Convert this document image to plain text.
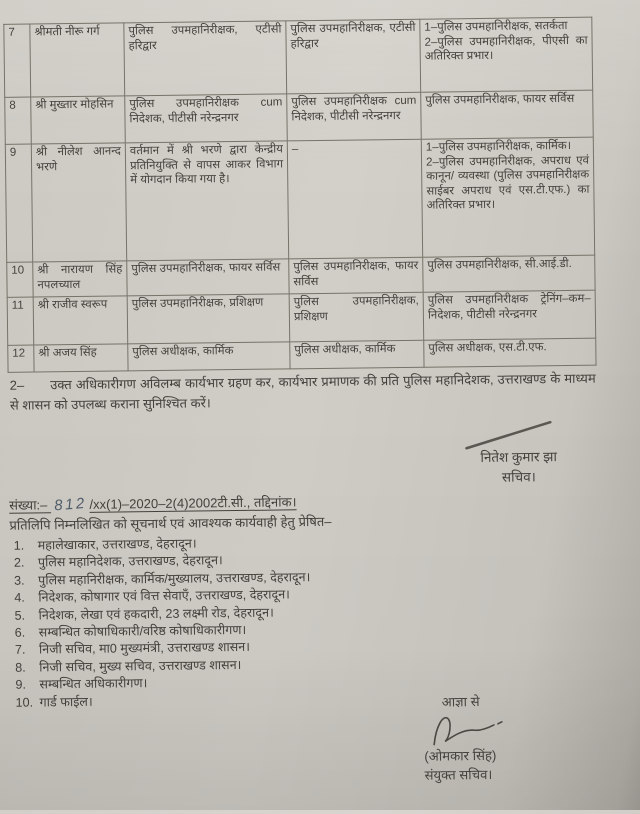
7	श्रीमती नीरू गर्ग	पुलिस उपमहानिरीक्षक, एटीसी हरिद्वार	पुलिस उपमहानिरीक्षक, एटीसी हरिद्वार	1–पुलिस उपमहानिरीक्षक, सतर्कता
2–पुलिस उपमहानिरीक्षक, पीएसी का अतिरिक्त प्रभार।
8	श्री मुख्तार मोहसिन	पुलिस उपमहानिरीक्षक cum निदेशक, पीटीसी नरेन्द्रनगर	पुलिस उपमहानिरीक्षक cum निदेशक, पीटीसी नरेन्द्रनगर	पुलिस उपमहानिरीक्षक, फायर सर्विस
9	श्री नीलेश आनन्द भरणे	वर्तमान में श्री भरणे द्वारा केन्द्रीय प्रतिनियुक्ति से वापस आकर विभाग में योगदान किया गया है।	–	1–पुलिस उपमहानिरीक्षक, कार्मिक।
2–पुलिस उपमहानिरीक्षक, अपराध एवं कानून/ व्यवस्था (पुलिस उपमहानिरीक्षक साईबर अपराध एवं एस.टी.एफ.) का अतिरिक्त प्रभार।
10	श्री नारायण सिंह नपलच्याल	पुलिस उपमहानिरीक्षक, फायर सर्विस	पुलिस उपमहानिरीक्षक, फायर सर्विस	पुलिस उपमहानिरीक्षक, सी.आई.डी.
11	श्री राजीव स्वरूप	पुलिस उपमहानिरीक्षक, प्रशिक्षण	पुलिस उपमहानिरीक्षक, प्रशिक्षण	पुलिस उपमहानिरीक्षक ट्रेनिंग–कम–निदेशक, पीटीसी नरेन्द्रनगर
12	श्री अजय सिंह	पुलिस अधीक्षक, कार्मिक	पुलिस अधीक्षक, कार्मिक	पुलिस अधीक्षक, एस.टी.एफ.
2– उक्त अधिकारीगण अविलम्ब कार्यभार ग्रहण कर, कार्यभार प्रमाणक की प्रति पुलिस महानिदेशक, उत्तराखण्ड के माध्यम से शासन को उपलब्ध कराना सुनिश्चित करें।
नितेश कुमार झा
सचिव।
संख्या:– 812 /xx(1)–2020–2(4)2002टी.सी., तद्दिनांक।
प्रतिलिपि निम्नलिखित को सूचनार्थ एवं आवश्यक कार्यवाही हेतु प्रेषित–
1.	महालेखाकार, उत्तराखण्ड, देहरादून।
2.	पुलिस महानिदेशक, उत्तराखण्ड, देहरादून।
3.	पुलिस महानिरीक्षक, कार्मिक/मुख्यालय, उत्तराखण्ड, देहरादून।
4.	निदेशक, कोषागार एवं वित्त सेवाएँ, उत्तराखण्ड, देहरादून।
5.	निदेशक, लेखा एवं हकदारी, 23 लक्ष्मी रोड, देहरादून।
6.	सम्बन्धित कोषाधिकारी/वरिष्ठ कोषाधिकारीगण।
7.	निजी सचिव, मा0 मुख्यमंत्री, उत्तराखण्ड शासन।
8.	निजी सचिव, मुख्य सचिव, उत्तराखण्ड शासन।
9.	सम्बन्धित अधिकारीगण।
10. गार्ड फाईल।	आज्ञा से
(ओमकार सिंह)
संयुक्त सचिव।
